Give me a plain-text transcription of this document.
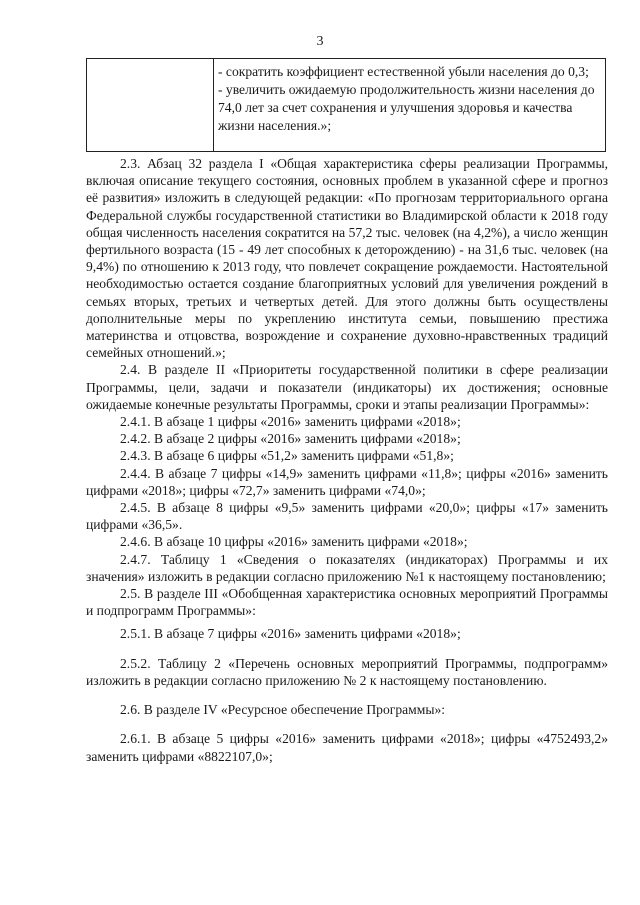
3
- сократить коэффициент естественной убыли населения до 0,3;
- увеличить ожидаемую продолжительность жизни населения до 74,0 лет за счет сохранения и улучшения здоровья и качества жизни населения.»;

2.3. Абзац 32 раздела I «Общая характеристика сферы реализации Программы, включая описание текущего состояния, основных проблем в указанной сфере и прогноз её развития» изложить в следующей редакции: «По прогнозам территориального органа Федеральной службы государственной статистики во Владимирской области к 2018 году общая численность населения сократится на 57,2 тыс. человек (на 4,2%), а число женщин фертильного возраста (15 - 49 лет способных к деторождению) - на 31,6 тыс. человек (на 9,4%) по отношению к 2013 году, что повлечет сокращение рождаемости. Настоятельной необходимостью остается создание благоприятных условий для увеличения рождений в семьях вторых, третьих и четвертых детей. Для этого должны быть осуществлены дополнительные меры по укреплению института семьи, повышению престижа материнства и отцовства, возрождение и сохранение духовно-нравственных традиций семейных отношений.»;

2.4. В разделе II «Приоритеты государственной политики в сфере реализации Программы, цели, задачи и показатели (индикаторы) их достижения; основные ожидаемые конечные результаты Программы, сроки и этапы реализации Программы»:

2.4.1. В абзаце 1 цифры «2016» заменить цифрами «2018»;

2.4.2. В абзаце 2 цифры «2016» заменить цифрами «2018»;

2.4.3. В абзаце 6 цифры «51,2» заменить цифрами «51,8»;

2.4.4. В абзаце 7 цифры «14,9» заменить цифрами «11,8»; цифры «2016» заменить цифрами «2018»; цифры «72,7» заменить цифрами «74,0»;

2.4.5. В абзаце 8 цифры «9,5» заменить цифрами «20,0»; цифры «17» заменить цифрами «36,5».

2.4.6. В абзаце 10 цифры «2016» заменить цифрами «2018»;

2.4.7. Таблицу 1 «Сведения о показателях (индикаторах) Программы и их значения» изложить в редакции согласно приложению №1 к настоящему постановлению;

2.5. В разделе III «Обобщенная характеристика основных мероприятий Программы и подпрограмм Программы»:

2.5.1. В абзаце 7 цифры «2016» заменить цифрами «2018»;

2.5.2. Таблицу 2 «Перечень основных мероприятий Программы, подпрограмм» изложить в редакции согласно приложению № 2 к настоящему постановлению.

2.6. В разделе IV «Ресурсное обеспечение Программы»:

2.6.1. В абзаце 5 цифры «2016» заменить цифрами «2018»; цифры «4752493,2» заменить цифрами «8822107,0»;
